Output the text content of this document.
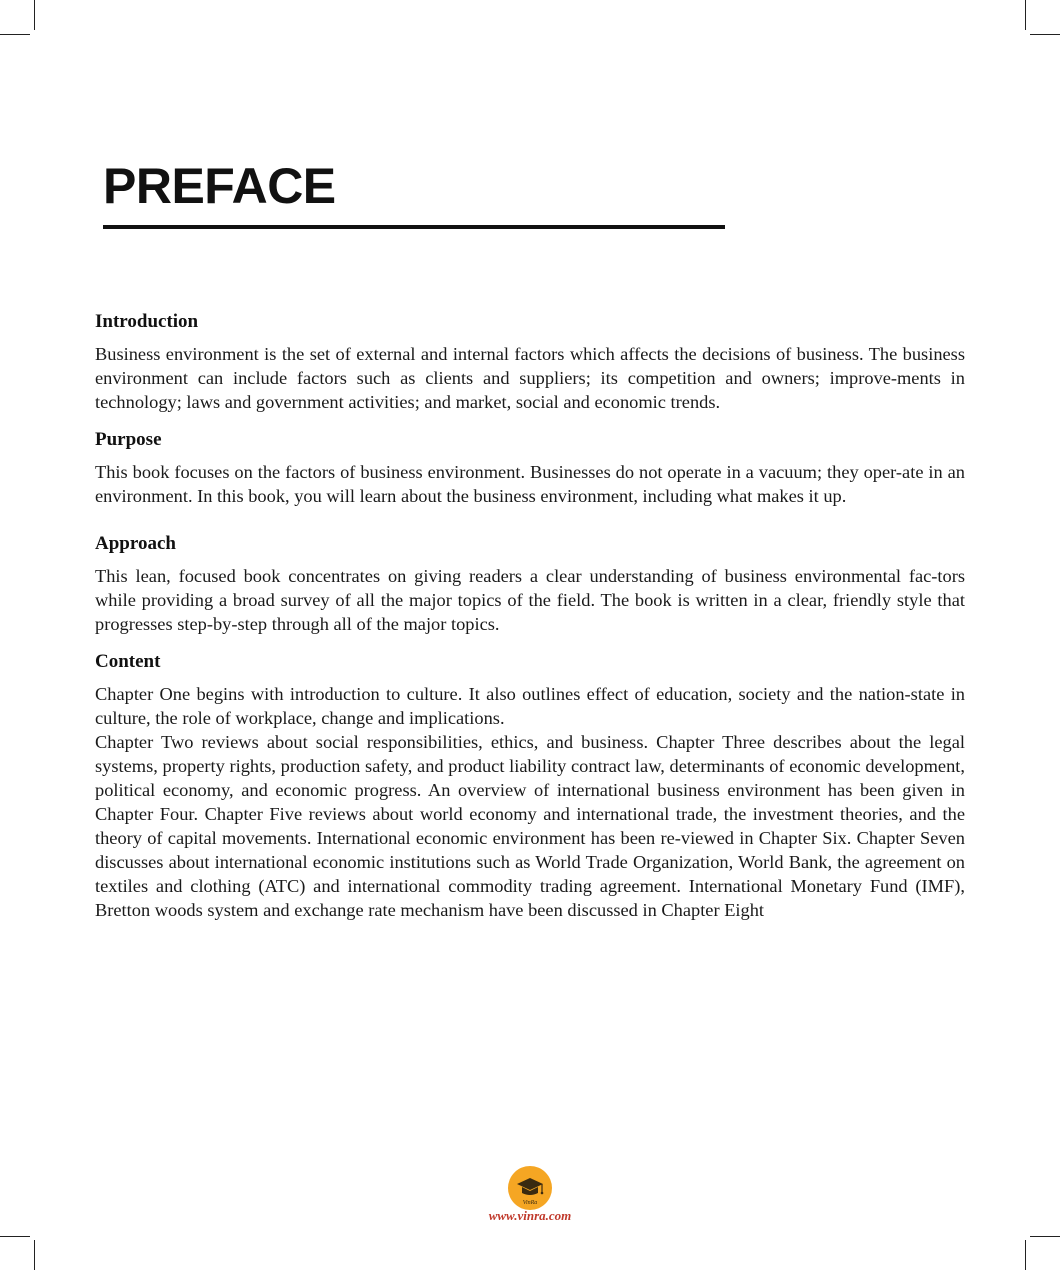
PREFACE
Introduction

Business environment is the set of external and internal factors which affects the decisions of business. The business environment can include factors such as clients and suppliers; its competition and owners; improve-ments in technology; laws and government activities; and market, social and economic trends.

Purpose

This book focuses on the factors of business environment. Businesses do not operate in a vacuum; they oper-ate in an environment. In this book, you will learn about the business environment, including what makes it up.

Approach

This lean, focused book concentrates on giving readers a clear understanding of business environmental fac-tors while providing a broad survey of all the major topics of the field. The book is written in a clear, friendly style that progresses step-by-step through all of the major topics.

Content

Chapter One begins with introduction to culture. It also outlines effect of education, society and the nation-state in culture, the role of workplace, change and implications.

Chapter Two reviews about social responsibilities, ethics, and business. Chapter Three describes about the legal systems, property rights, production safety, and product liability contract law, determinants of economic development, political economy, and economic progress. An overview of international business environment has been given in Chapter Four. Chapter Five reviews about world economy and international trade, the investment theories, and the theory of capital movements. International economic environment has been re-viewed in Chapter Six. Chapter Seven discusses about international economic institutions such as World Trade Organization, World Bank, the agreement on textiles and clothing (ATC) and international commodity trading agreement. International Monetary Fund (IMF), Bretton woods system and exchange rate mechanism have been discussed in Chapter Eight

VinRa
www.vinra.com
